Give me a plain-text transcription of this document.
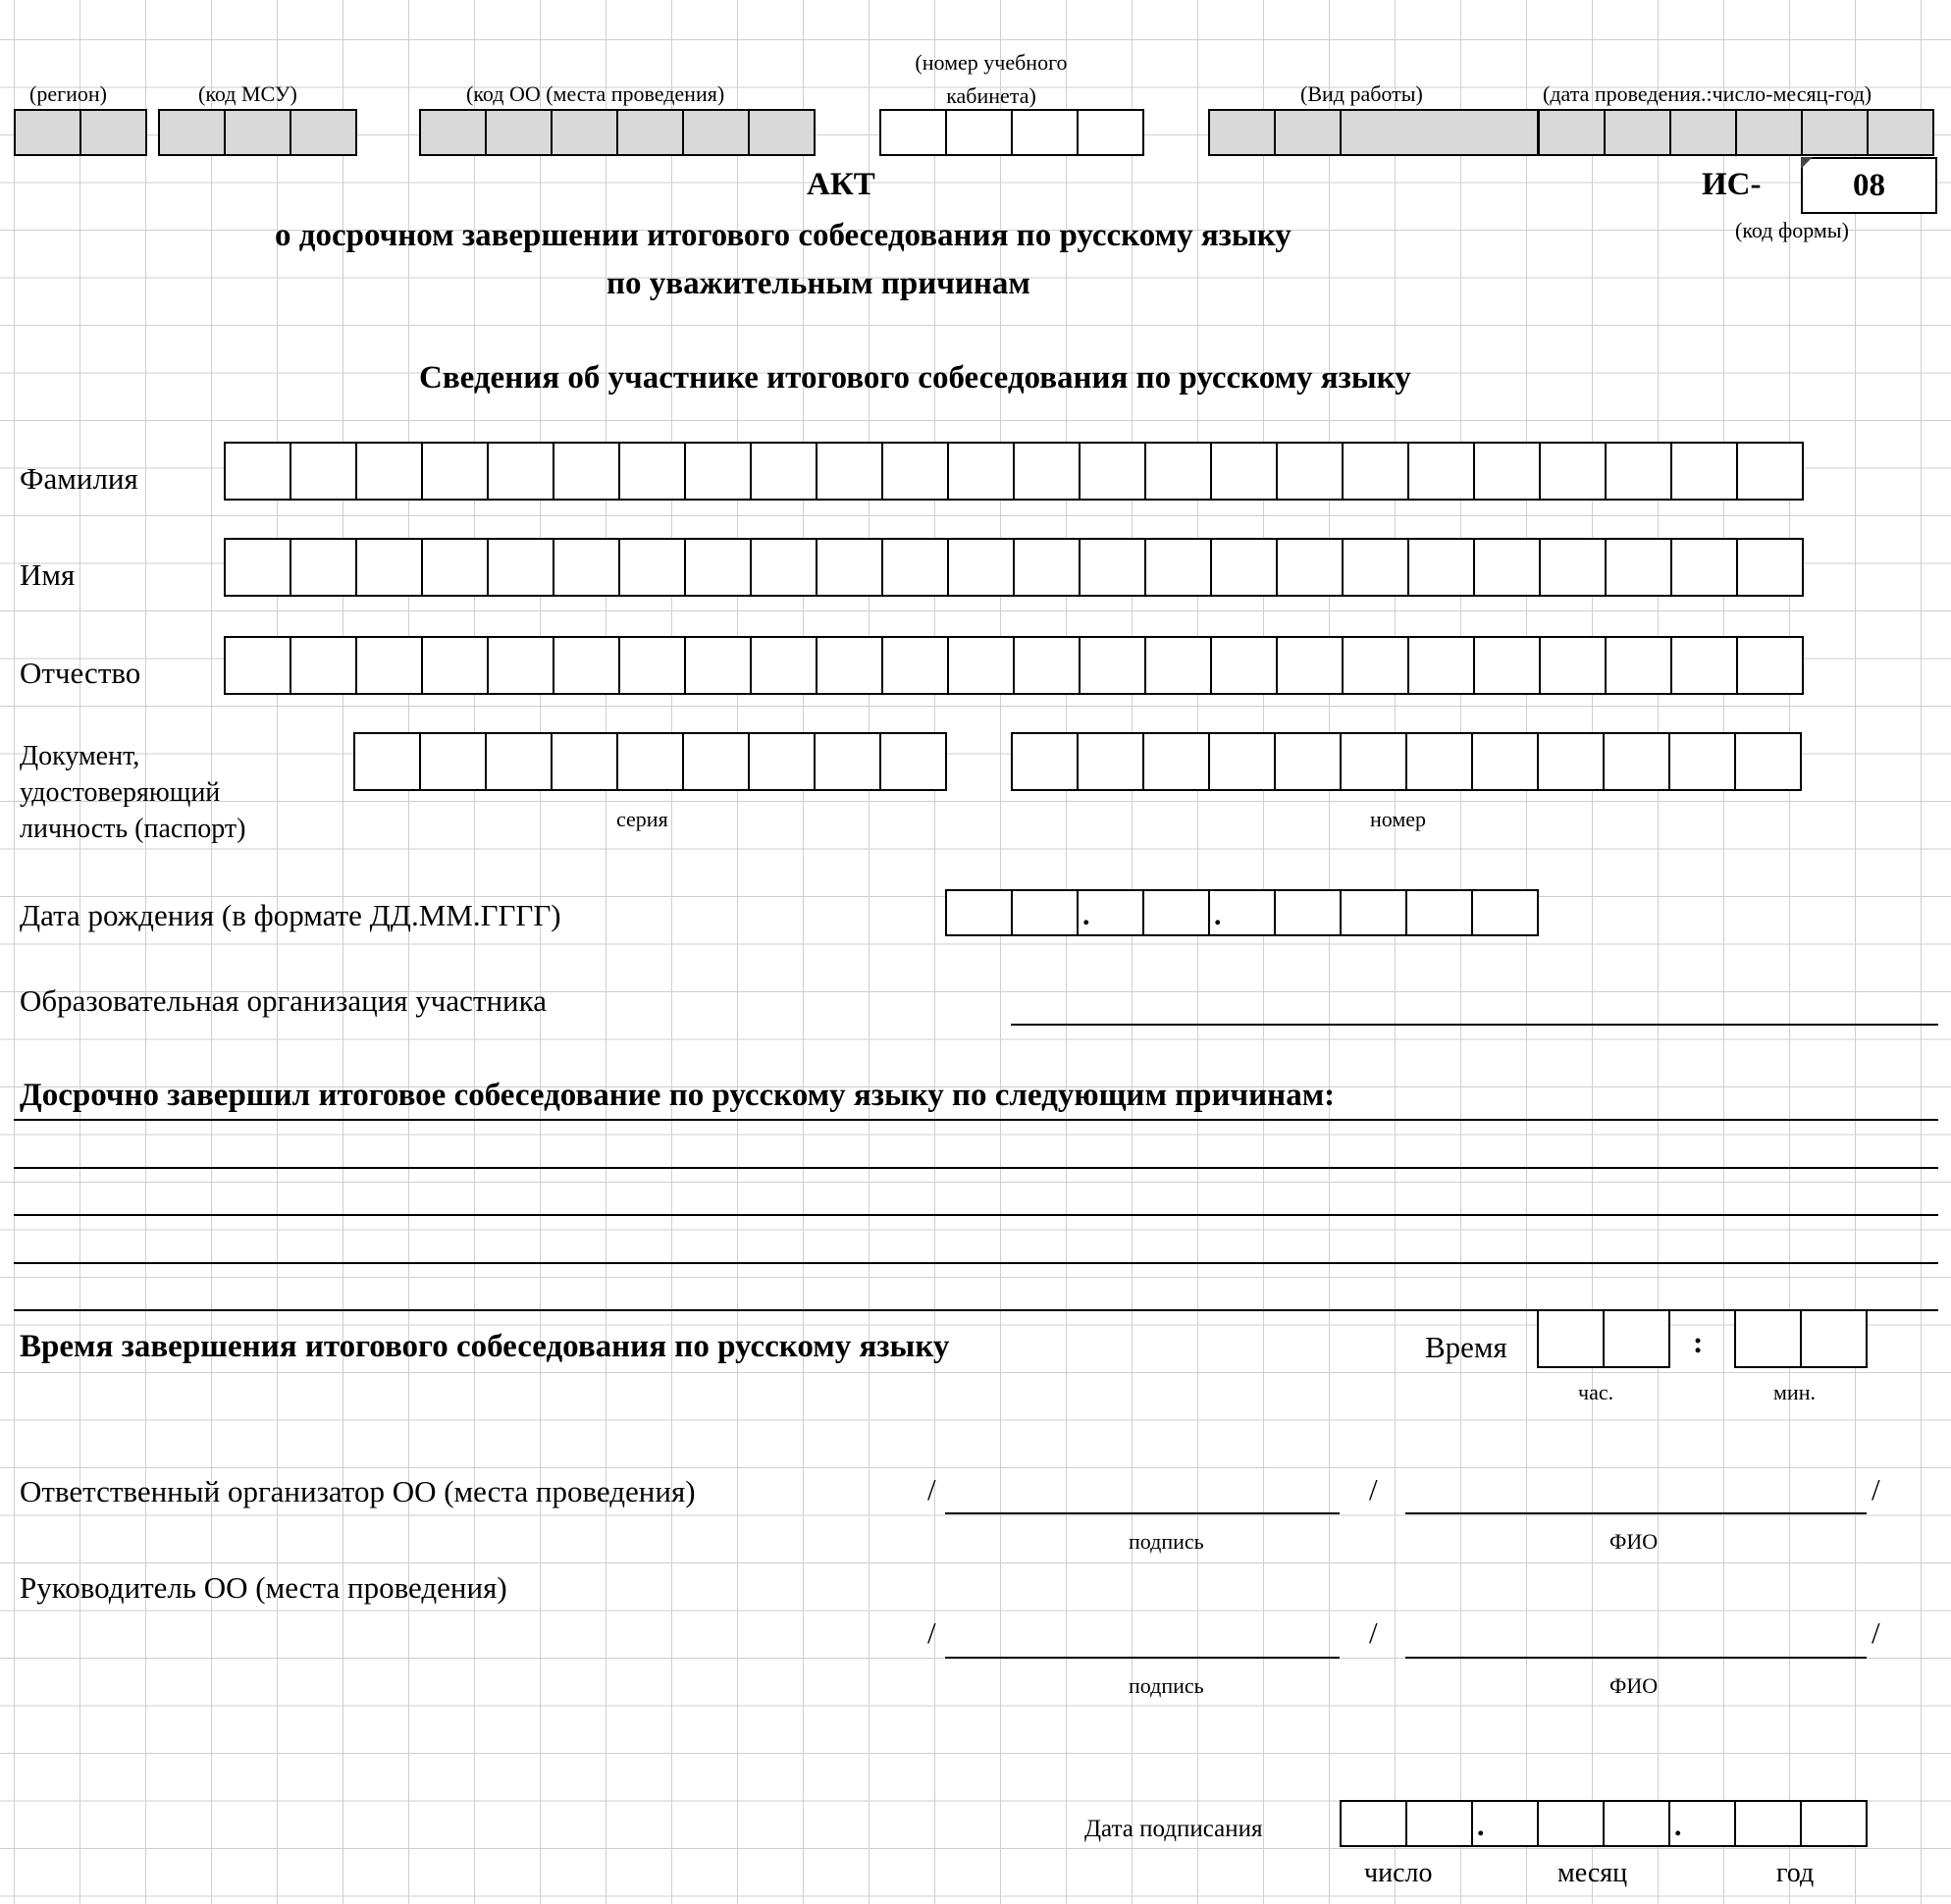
(регион)	(код МСУ)	(код ОО (места проведения)
(номер учебного кабинета)	(Вид работы)	(дата проведения.:число-месяц-год)
АКТ	ИС-	08
(код формы)
о досрочном завершении итогового собеседования по русскому языку
по уважительным причинам
Сведения об участнике итогового собеседования по русскому языку
Фамилия
Имя
Отчество
Документ, удостоверяющий личность (паспорт)	серия	номер
Дата рождения (в формате ДД.ММ.ГГГГ)
.
.
Образовательная организация участника
Досрочно завершил итоговое собеседование по русскому языку по следующим причинам:
Время завершения итогового собеседования по русскому языку	Время	:
час.	мин.
Ответственный организатор ОО (места проведения)	/	/	/
подпись	ФИО
Руководитель ОО (места проведения)
/	/	/
подпись	ФИО
Дата подписания
.
.
число	месяц	год
